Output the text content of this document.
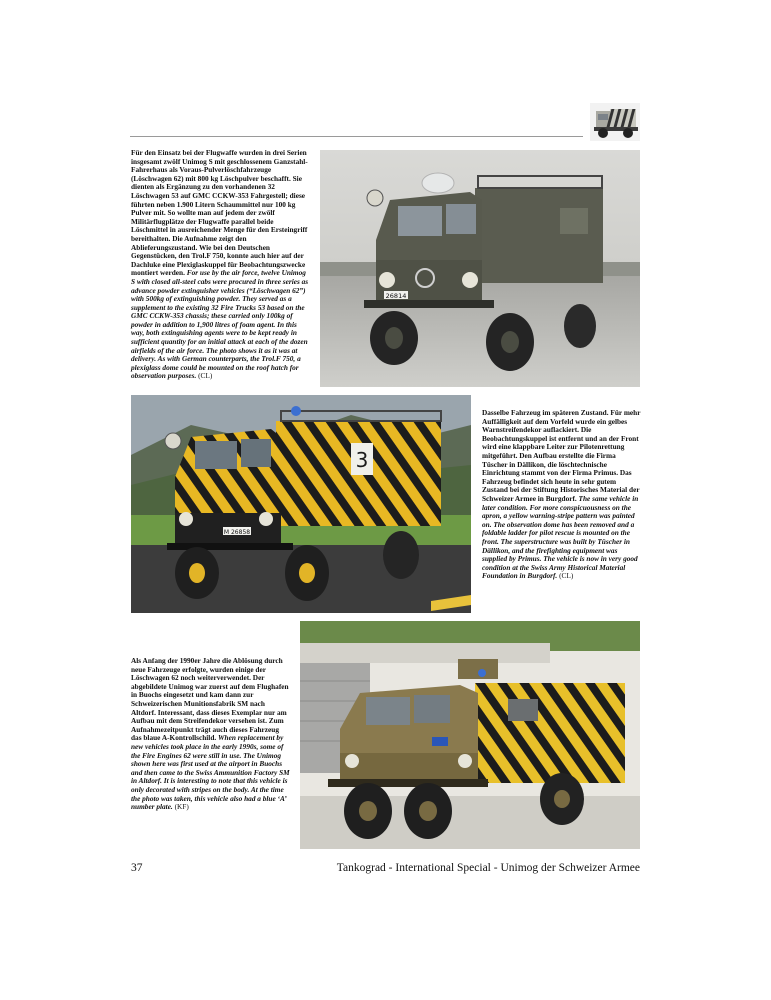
Für den Einsatz bei der Flugwaffe wurden in drei Serien insgesamt zwölf Unimog S mit geschlossenem Ganzstahl-Fahrerhaus als Voraus-Pulverlöschfahrzeuge (Löschwagen 62) mit 800 kg Löschpulver beschafft. Sie dienten als Ergänzung zu den vorhandenen 32 Löschwagen 53 auf GMC CCKW-353 Fahrgestell; diese führten neben 1.900 Litern Schaummittel nur 100 kg Pulver mit. So wollte man auf jedem der zwölf Militärflugplätze der Flugwaffe parallel beide Löschmittel in ausreichender Menge für den Ersteingriff bereithalten. Die Aufnahme zeigt den Ablieferungszustand. Wie bei den Deutschen Gegenstücken, den Trol.F 750, konnte auch hier auf der Dachluke eine Plexiglaskuppel für Beobachtungszwecke montiert werden. For use by the air force, twelve Unimog S with closed all-steel cabs were procured in three series as advance powder extinguisher vehicles (“Löschwagen 62”) with 500kg of extinguishing powder. They served as a supplement to the existing 32 Fire Trucks 53 based on the GMC CCKW-353 chassis; these carried only 100kg of powder in addition to 1,900 litres of foam agent. In this way, both extinguishing agents were to be kept ready in sufficient quantity for an initial attack at each of the dozen airfields of the air force. The photo shows it as it was at delivery. As with German counterparts, the Trol.F 750, a plexiglass dome could be mounted on the roof hatch for observation purposes. (CL)

26814
3
M 26858

Dasselbe Fahrzeug im späteren Zustand. Für mehr Auffälligkeit auf dem Vorfeld wurde ein gelbes Warnstreifendekor auflackiert. Die Beobachtungskuppel ist entfernt und an der Front wird eine klappbare Leiter zur Pilotenrettung mitgeführt. Den Aufbau erstellte die Firma Tüscher in Dällikon, die löschtechnische Einrichtung stammt von der Firma Primus. Das Fahrzeug befindet sich heute in sehr gutem Zustand bei der Stiftung Historisches Material der Schweizer Armee in Burgdorf. The same vehicle in later condition. For more conspicuousness on the apron, a yellow warning-stripe pattern was painted on. The observation dome has been removed and a foldable ladder for pilot rescue is mounted on the front. The superstructure was built by Tüscher in Dällikon, and the firefighting equipment was supplied by Primus. The vehicle is now in very good condition at the Swiss Army Historical Material Foundation in Burgdorf. (CL)

Als Anfang der 1990er Jahre die Ablösung durch neue Fahrzeuge erfolgte, wurden einige der Löschwagen 62 noch weiterverwendet. Der abgebildete Unimog war zuerst auf dem Flughafen in Buochs eingesetzt und kam dann zur Schweizerischen Munitionsfabrik SM nach Altdorf. Interessant, dass dieses Exemplar nur am Aufbau mit dem Streifendekor versehen ist. Zum Aufnahmezeitpunkt trägt auch dieses Fahrzeug das blaue A-Kontrollschild. When replacement by new vehicles took place in the early 1990s, some of the Fire Engines 62 were still in use. The Unimog shown here was first used at the airport in Buochs and then came to the Swiss Ammunition Factory SM in Altdorf. It is interesting to note that this vehicle is only decorated with stripes on the body. At the time the photo was taken, this vehicle also had a blue ‘A’ number plate. (KF)

37	Tankograd - International Special - Unimog der Schweizer Armee
